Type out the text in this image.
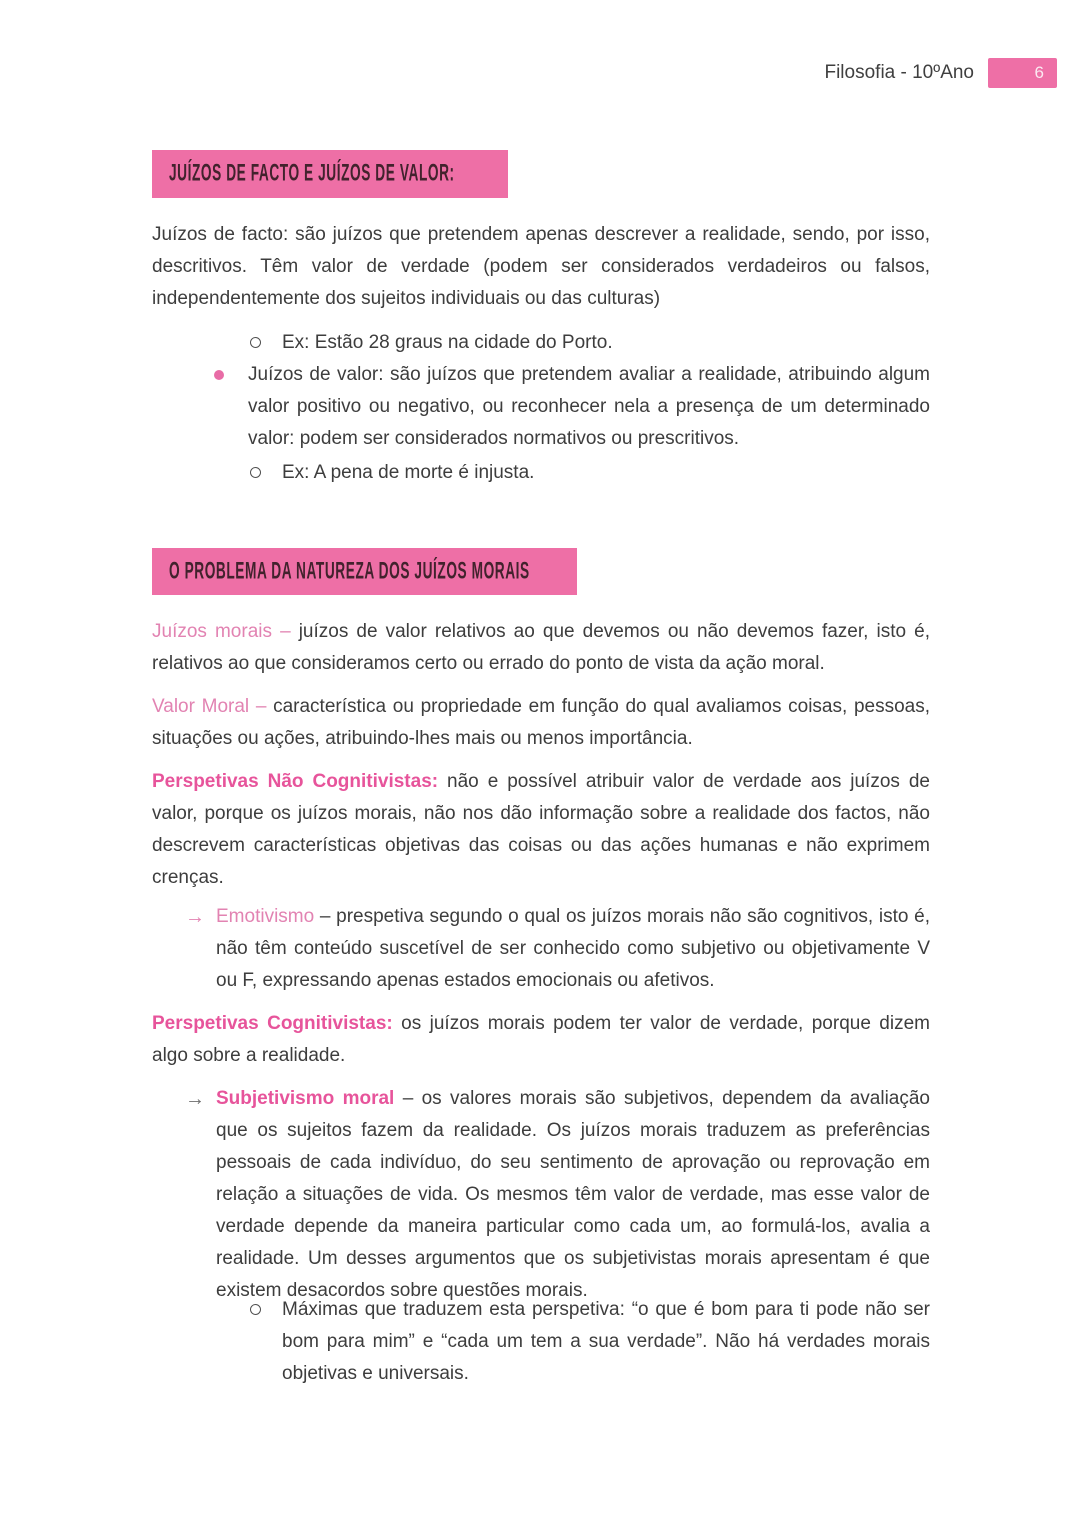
Filosofia - 10ºAno	6
JUÍZOS DE FACTO E JUÍZOS DE VALOR:
Juízos de facto: são juízos que pretendem apenas descrever a realidade, sendo, por isso, descritivos. Têm valor de verdade (podem ser considerados verdadeiros ou falsos, independentemente dos sujeitos individuais ou das culturas)
Ex: Estão 28 graus na cidade do Porto.
Juízos de valor: são juízos que pretendem avaliar a realidade, atribuindo algum valor positivo ou negativo, ou reconhecer nela a presença de um determinado valor: podem ser considerados normativos ou prescritivos.
Ex: A pena de morte é injusta.
O PROBLEMA DA NATUREZA DOS JUÍZOS MORAIS
Juízos morais – juízos de valor relativos ao que devemos ou não devemos fazer, isto é, relativos ao que consideramos certo ou errado do ponto de vista da ação moral.
Valor Moral – característica ou propriedade em função do qual avaliamos coisas, pessoas, situações ou ações, atribuindo-lhes mais ou menos importância.
Perspetivas Não Cognitivistas: não e possível atribuir valor de verdade aos juízos de valor, porque os juízos morais, não nos dão informação sobre a realidade dos factos, não descrevem características objetivas das coisas ou das ações humanas e não exprimem crenças.
→ Emotivismo – prespetiva segundo o qual os juízos morais não são cognitivos, isto é, não têm conteúdo suscetível de ser conhecido como subjetivo ou objetivamente V ou F, expressando apenas estados emocionais ou afetivos.
Perspetivas Cognitivistas: os juízos morais podem ter valor de verdade, porque dizem algo sobre a realidade.
→ Subjetivismo moral – os valores morais são subjetivos, dependem da avaliação que os sujeitos fazem da realidade. Os juízos morais traduzem as preferências pessoais de cada indivíduo, do seu sentimento de aprovação ou reprovação em relação a situações de vida. Os mesmos têm valor de verdade, mas esse valor de verdade depende da maneira particular como cada um, ao formulá-los, avalia a realidade. Um desses argumentos que os subjetivistas morais apresentam é que existem desacordos sobre questões morais.
Máximas que traduzem esta perspetiva: “o que é bom para ti pode não ser bom para mim” e “cada um tem a sua verdade”. Não há verdades morais objetivas e universais.
